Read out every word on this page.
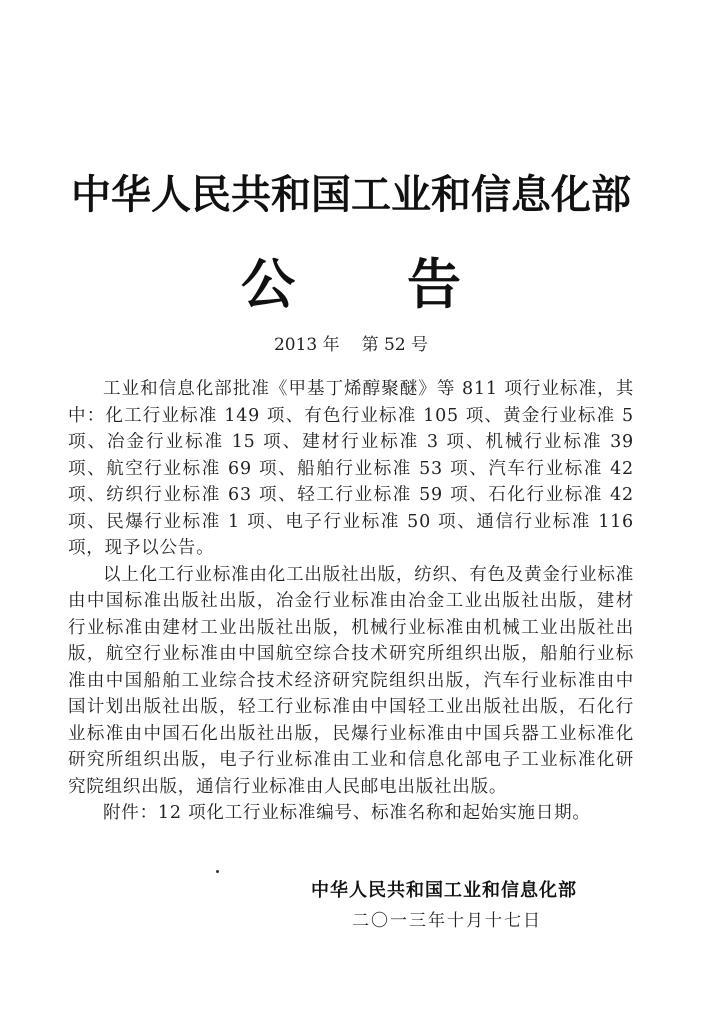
中华人民共和国工业和信息化部
公 告
2013 年 第 52 号

工业和信息化部批准《甲基丁烯醇聚醚》等 811 项行业标准，其中：化工行业标准 149 项、有色行业标准 105 项、黄金行业标准 5 项、冶金行业标准 15 项、建材行业标准 3 项、机械行业标准 39 项、航空行业标准 69 项、船舶行业标准 53 项、汽车行业标准 42 项、纺织行业标准 63 项、轻工行业标准 59 项、石化行业标准 42 项、民爆行业标准 1 项、电子行业标准 50 项、通信行业标准 116 项，现予以公告。

以上化工行业标准由化工出版社出版，纺织、有色及黄金行业标准由中国标准出版社出版，冶金行业标准由冶金工业出版社出版，建材行业标准由建材工业出版社出版，机械行业标准由机械工业出版社出版，航空行业标准由中国航空综合技术研究所组织出版，船舶行业标准由中国船舶工业综合技术经济研究院组织出版，汽车行业标准由中国计划出版社出版，轻工行业标准由中国轻工业出版社出版，石化行业标准由中国石化出版社出版，民爆行业标准由中国兵器工业标准化研究所组织出版，电子行业标准由工业和信息化部电子工业标准化研究院组织出版，通信行业标准由人民邮电出版社出版。

附件：12 项化工行业标准编号、标准名称和起始实施日期。

中华人民共和国工业和信息化部
二〇一三年十月十七日
